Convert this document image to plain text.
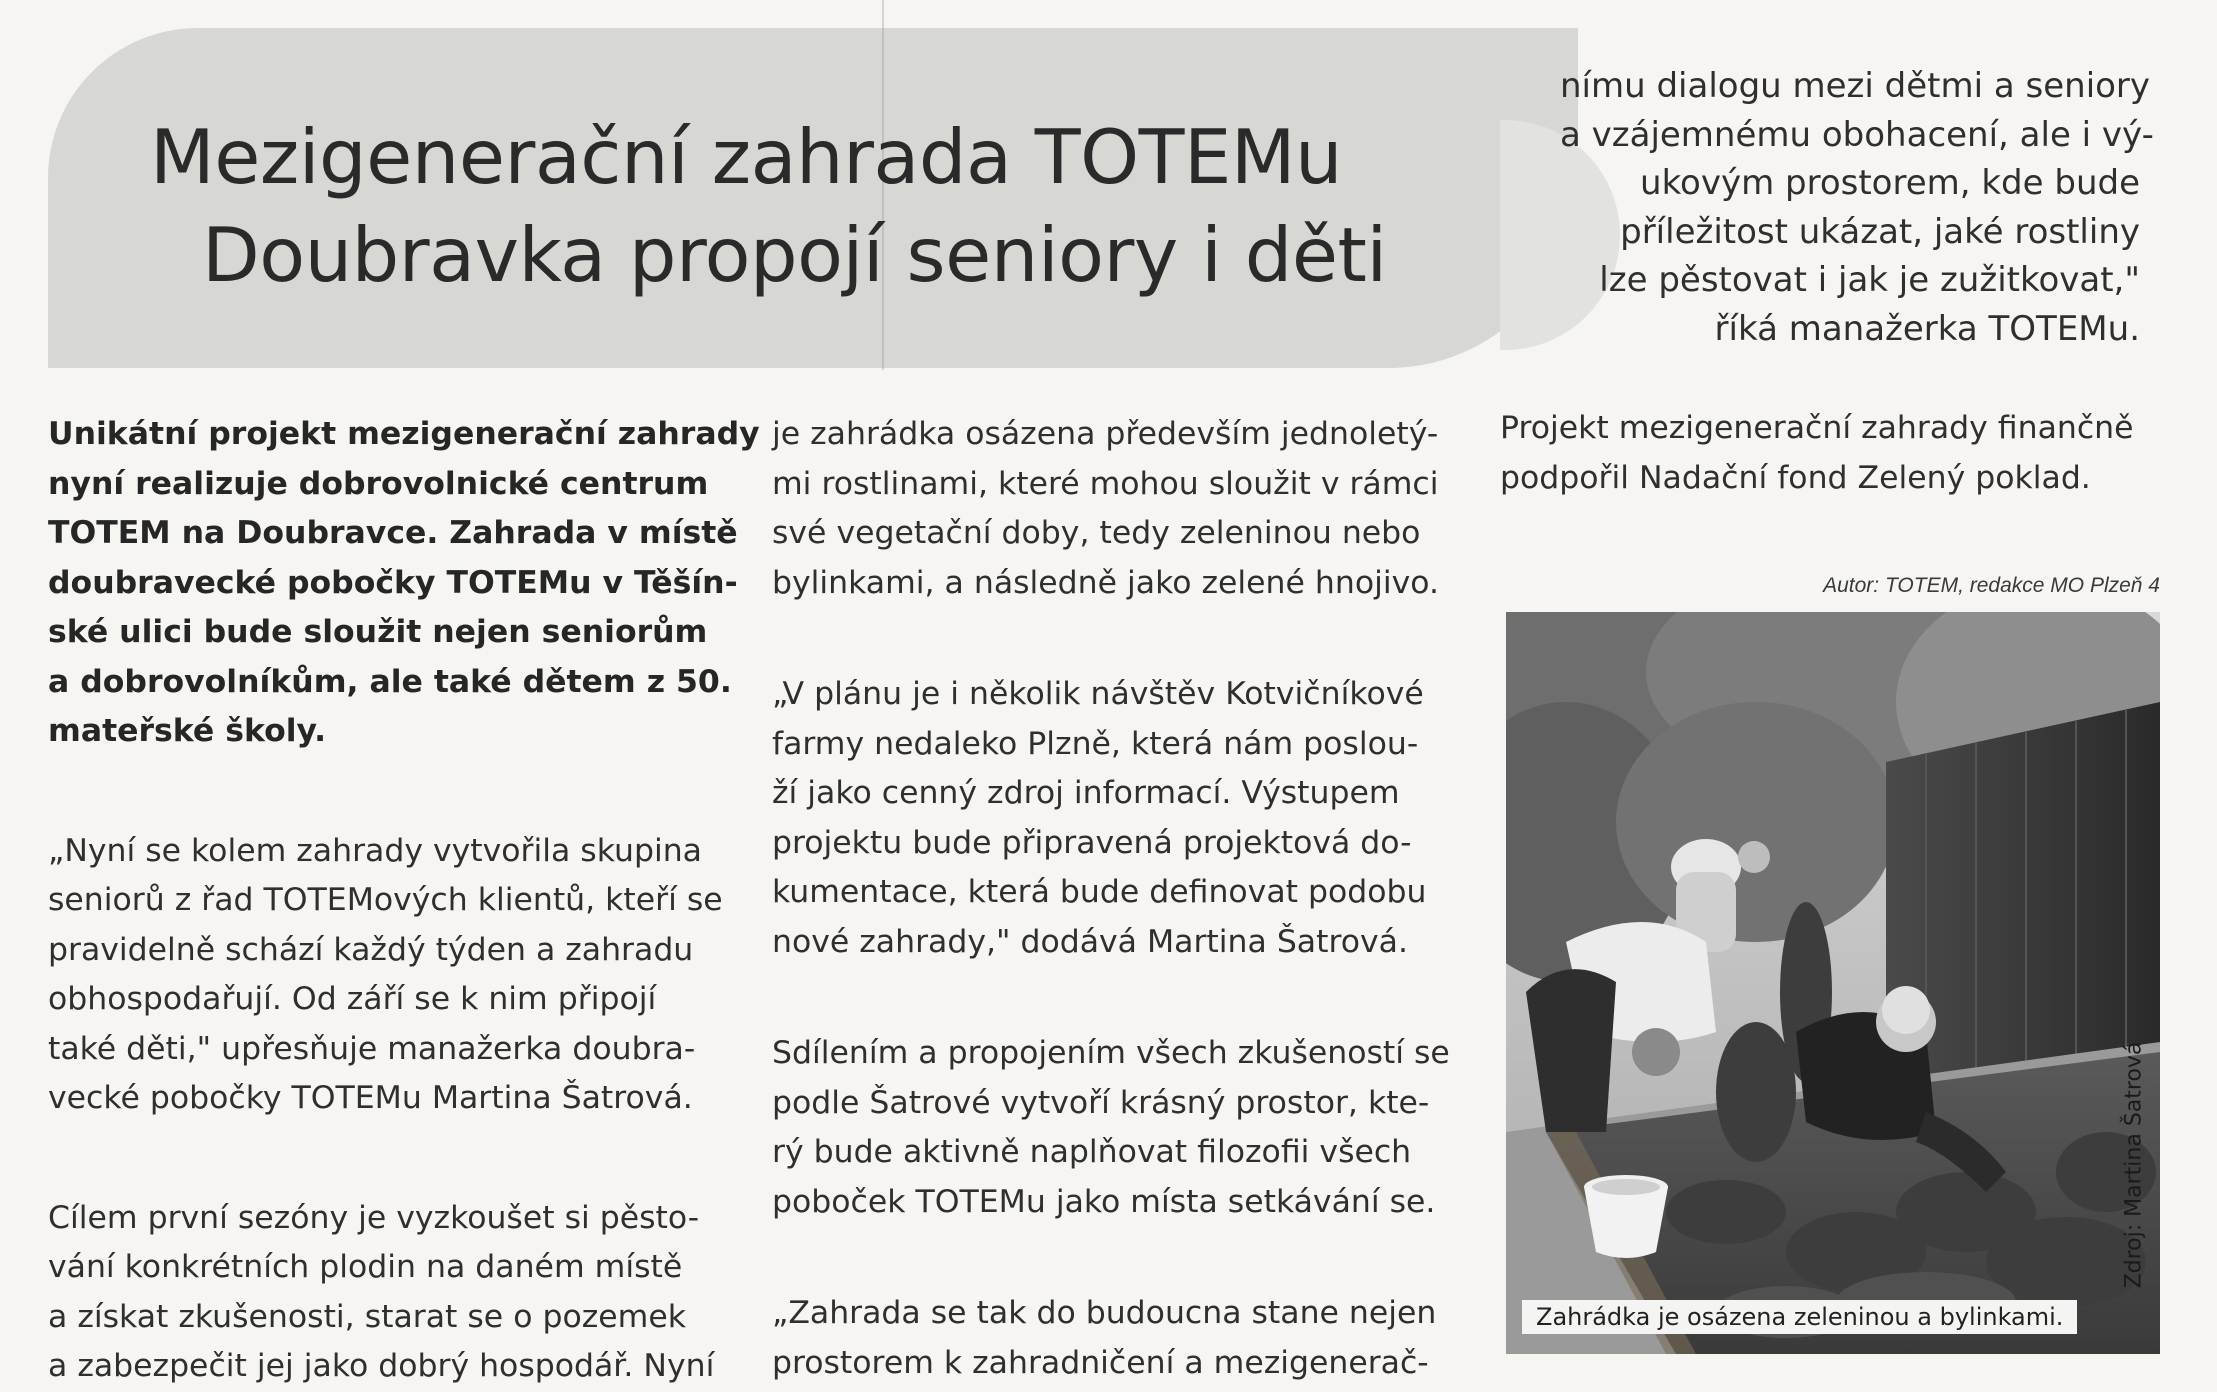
Mezigenerační zahrada TOTEMu
Doubravka propojí seniory i děti

nímu dialogu mezi dětmi a seniory
a vzájemnému obohacení, ale i vý-
ukovým prostorem, kde bude
příležitost ukázat, jaké rostliny
lze pěstovat i jak je zužitkovat,"
říká manažerka TOTEMu.

Unikátní projekt mezigenerační zahrady
nyní realizuje dobrovolnické centrum
TOTEM na Doubravce. Zahrada v místě
doubravecké pobočky TOTEMu v Těšín-
ské ulici bude sloužit nejen seniorům
a dobrovolníkům, ale také dětem z 50.
mateřské školy.

„Nyní se kolem zahrady vytvořila skupina
seniorů z řad TOTEMových klientů, kteří se
pravidelně schází každý týden a zahradu
obhospodařují. Od září se k nim připojí
také děti," upřesňuje manažerka doubra-
vecké pobočky TOTEMu Martina Šatrová.

Cílem první sezóny je vyzkoušet si pěsto-
vání konkrétních plodin na daném místě
a získat zkušenosti, starat se o pozemek
a zabezpečit jej jako dobrý hospodář. Nyní

je zahrádka osázena především jednoletý-
mi rostlinami, které mohou sloužit v rámci
své vegetační doby, tedy zeleninou nebo
bylinkami, a následně jako zelené hnojivo.

„V plánu je i několik návštěv Kotvičníkové
farmy nedaleko Plzně, která nám poslou-
ží jako cenný zdroj informací. Výstupem
projektu bude připravená projektová do-
kumentace, která bude definovat podobu
nové zahrady," dodává Martina Šatrová.

Sdílením a propojením všech zkušeností se
podle Šatrové vytvoří krásný prostor, kte-
rý bude aktivně naplňovat filozofii všech
poboček TOTEMu jako místa setkávání se.

„Zahrada se tak do budoucna stane nejen
prostorem k zahradničení a mezigenerač-

Projekt mezigenerační zahrady finančně
podpořil Nadační fond Zelený poklad.

Autor: TOTEM, redakce MO Plzeň 4
Zahrádka je osázena zeleninou a bylinkami.
Zdroj: Martina Šatrová
